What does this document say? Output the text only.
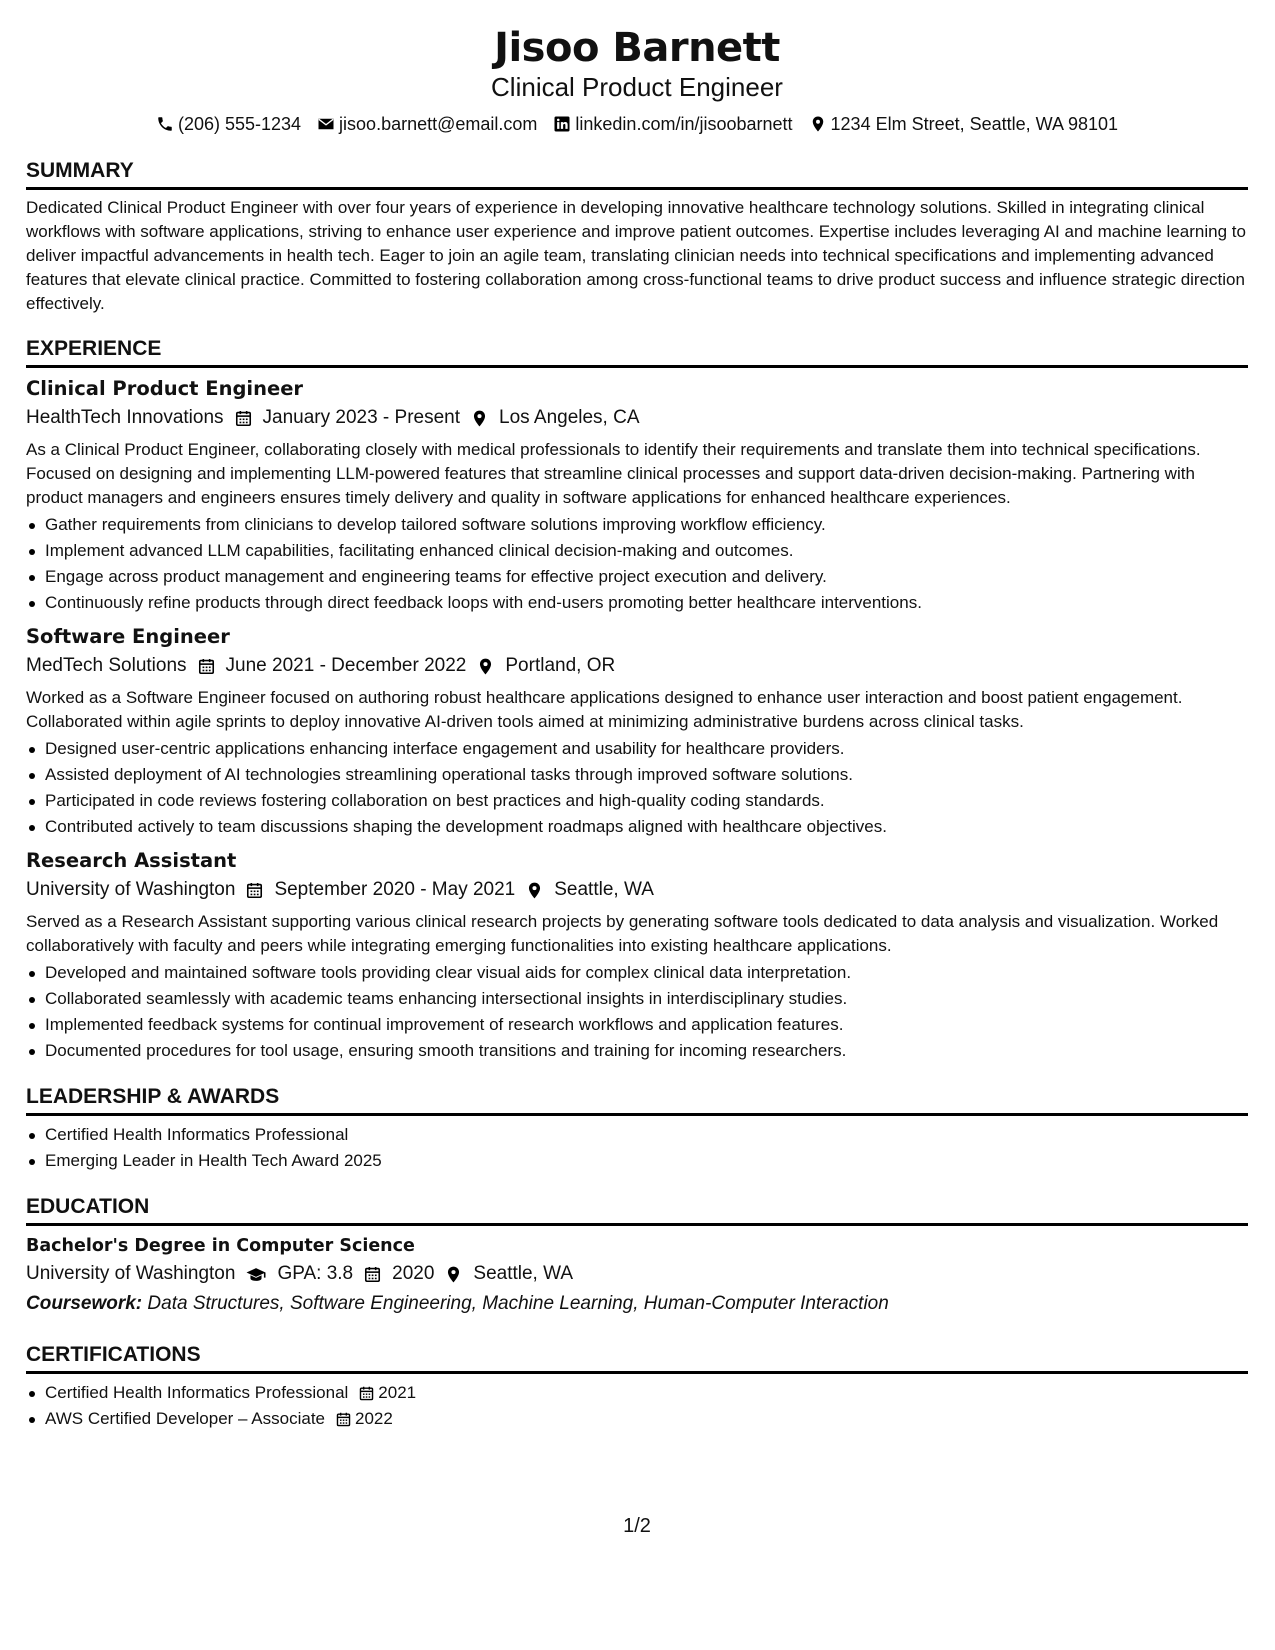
Jisoo Barnett
Clinical Product Engineer
(206) 555-1234 jisoo.barnett@email.com linkedin.com/in/jisoobarnett 1234 Elm Street, Seattle, WA 98101
SUMMARY
Dedicated Clinical Product Engineer with over four years of experience in developing innovative healthcare technology solutions. Skilled in integrating clinical workflows with software applications, striving to enhance user experience and improve patient outcomes. Expertise includes leveraging AI and machine learning to deliver impactful advancements in health tech. Eager to join an agile team, translating clinician needs into technical specifications and implementing advanced features that elevate clinical practice. Committed to fostering collaboration among cross-functional teams to drive product success and influence strategic direction effectively.
EXPERIENCE
Clinical Product Engineer
HealthTech Innovations January 2023 - Present Los Angeles, CA
As a Clinical Product Engineer, collaborating closely with medical professionals to identify their requirements and translate them into technical specifications. Focused on designing and implementing LLM-powered features that streamline clinical processes and support data-driven decision-making. Partnering with product managers and engineers ensures timely delivery and quality in software applications for enhanced healthcare experiences.
Gather requirements from clinicians to develop tailored software solutions improving workflow efficiency.
Implement advanced LLM capabilities, facilitating enhanced clinical decision-making and outcomes.
Engage across product management and engineering teams for effective project execution and delivery.
Continuously refine products through direct feedback loops with end-users promoting better healthcare interventions.
Software Engineer
MedTech Solutions June 2021 - December 2022 Portland, OR
Worked as a Software Engineer focused on authoring robust healthcare applications designed to enhance user interaction and boost patient engagement. Collaborated within agile sprints to deploy innovative AI-driven tools aimed at minimizing administrative burdens across clinical tasks.
Designed user-centric applications enhancing interface engagement and usability for healthcare providers.
Assisted deployment of AI technologies streamlining operational tasks through improved software solutions.
Participated in code reviews fostering collaboration on best practices and high-quality coding standards.
Contributed actively to team discussions shaping the development roadmaps aligned with healthcare objectives.
Research Assistant
University of Washington September 2020 - May 2021 Seattle, WA
Served as a Research Assistant supporting various clinical research projects by generating software tools dedicated to data analysis and visualization. Worked collaboratively with faculty and peers while integrating emerging functionalities into existing healthcare applications.
Developed and maintained software tools providing clear visual aids for complex clinical data interpretation.
Collaborated seamlessly with academic teams enhancing intersectional insights in interdisciplinary studies.
Implemented feedback systems for continual improvement of research workflows and application features.
Documented procedures for tool usage, ensuring smooth transitions and training for incoming researchers.
LEADERSHIP & AWARDS
Certified Health Informatics Professional
Emerging Leader in Health Tech Award 2025
EDUCATION
Bachelor's Degree in Computer Science
University of Washington GPA: 3.8 2020 Seattle, WA
Coursework: Data Structures, Software Engineering, Machine Learning, Human-Computer Interaction
CERTIFICATIONS
Certified Health Informatics Professional 2021
AWS Certified Developer – Associate 2022
1/2
